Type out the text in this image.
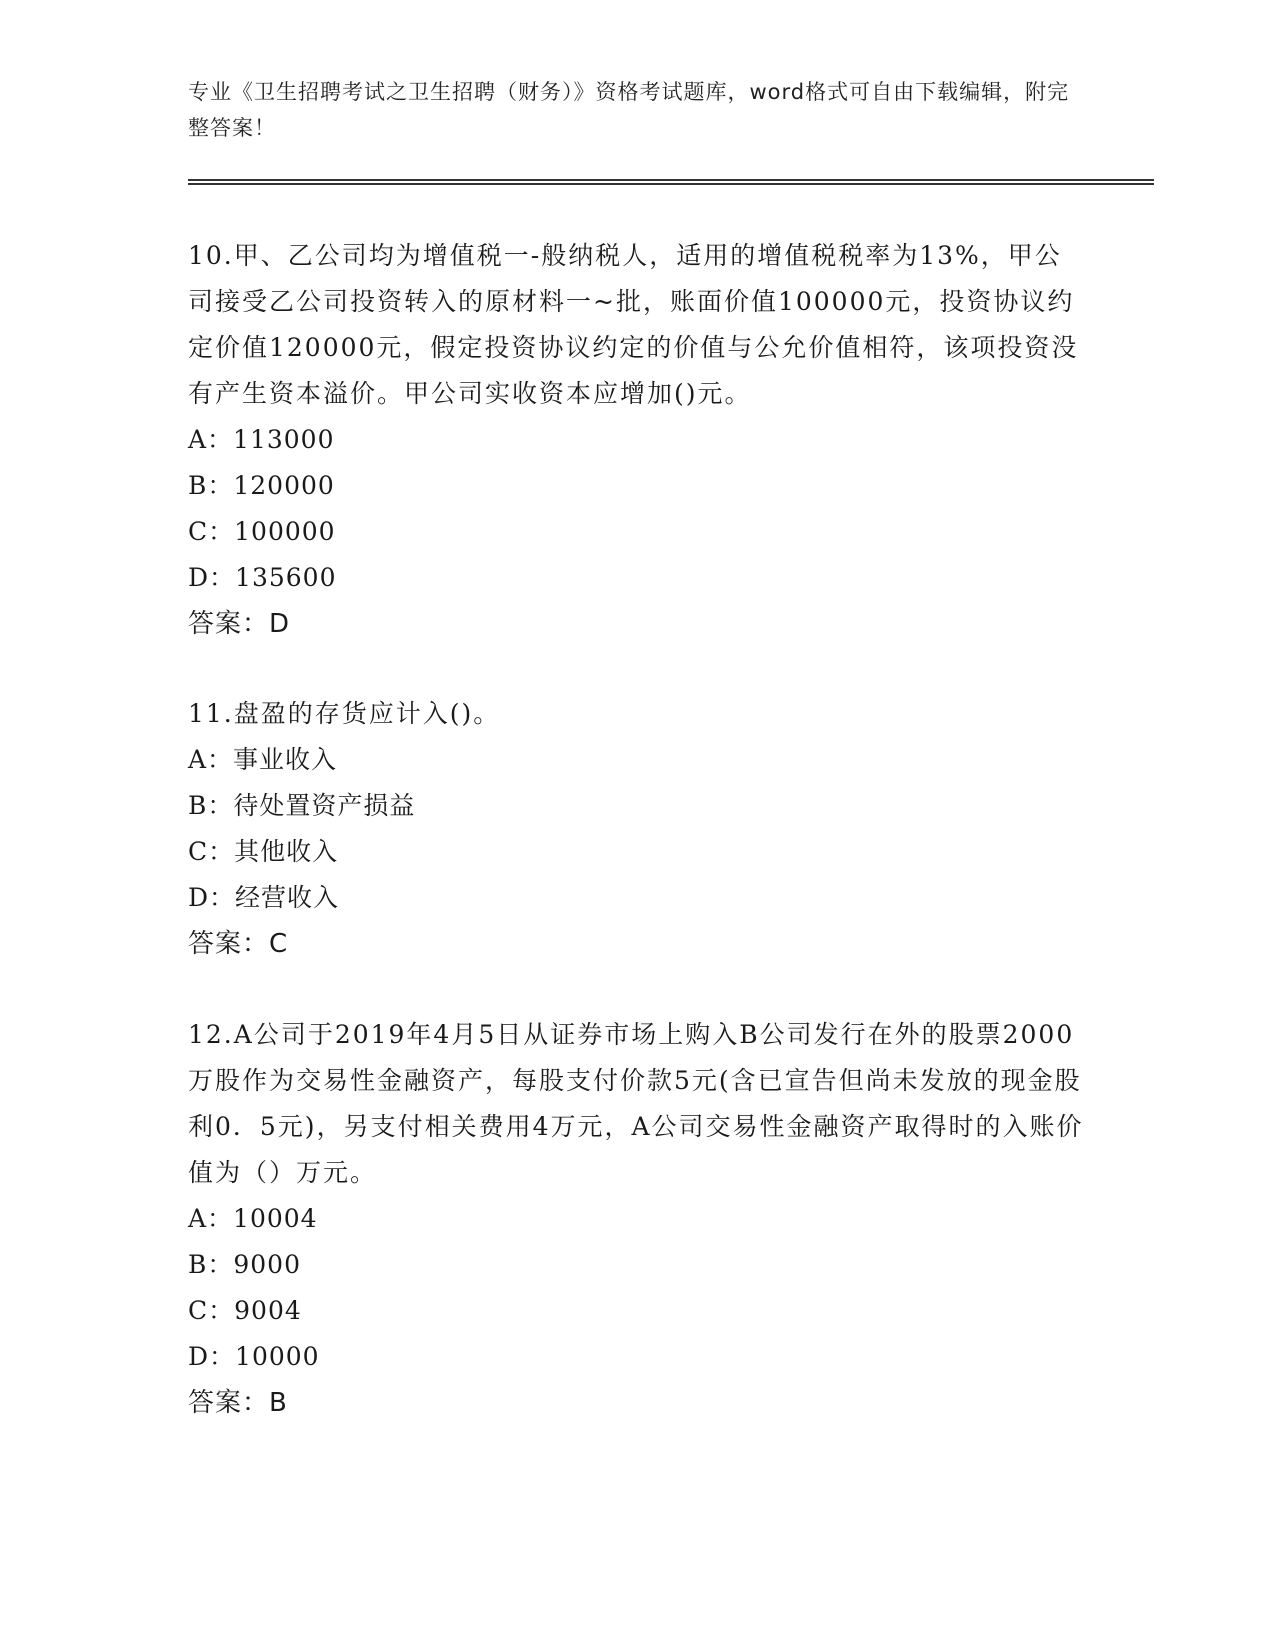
专业《卫生招聘考试之卫生招聘（财务）》资格考试题库，word格式可自由下载编辑，附完整答案！

10.甲、乙公司均为增值税一-般纳税人，适用的增值税税率为13%，甲公司接受乙公司投资转入的原材料一~批，账面价值100000元，投资协议约定价值120000元，假定投资协议约定的价值与公允价值相符，该项投资没有产生资本溢价。甲公司实收资本应增加()元。

A：113000

B：120000

C：100000

D：135600

答案：D

11.盘盈的存货应计入()。

A：事业收入

B：待处置资产损益

C：其他收入

D：经营收入

答案：C

12.A公司于2019年4月5日从证券市场上购入B公司发行在外的股票2000万股作为交易性金融资产，每股支付价款5元(含已宣告但尚未发放的现金股利0．5元)，另支付相关费用4万元，A公司交易性金融资产取得时的入账价值为（）万元。

A：10004

B：9000

C：9004

D：10000

答案：B
